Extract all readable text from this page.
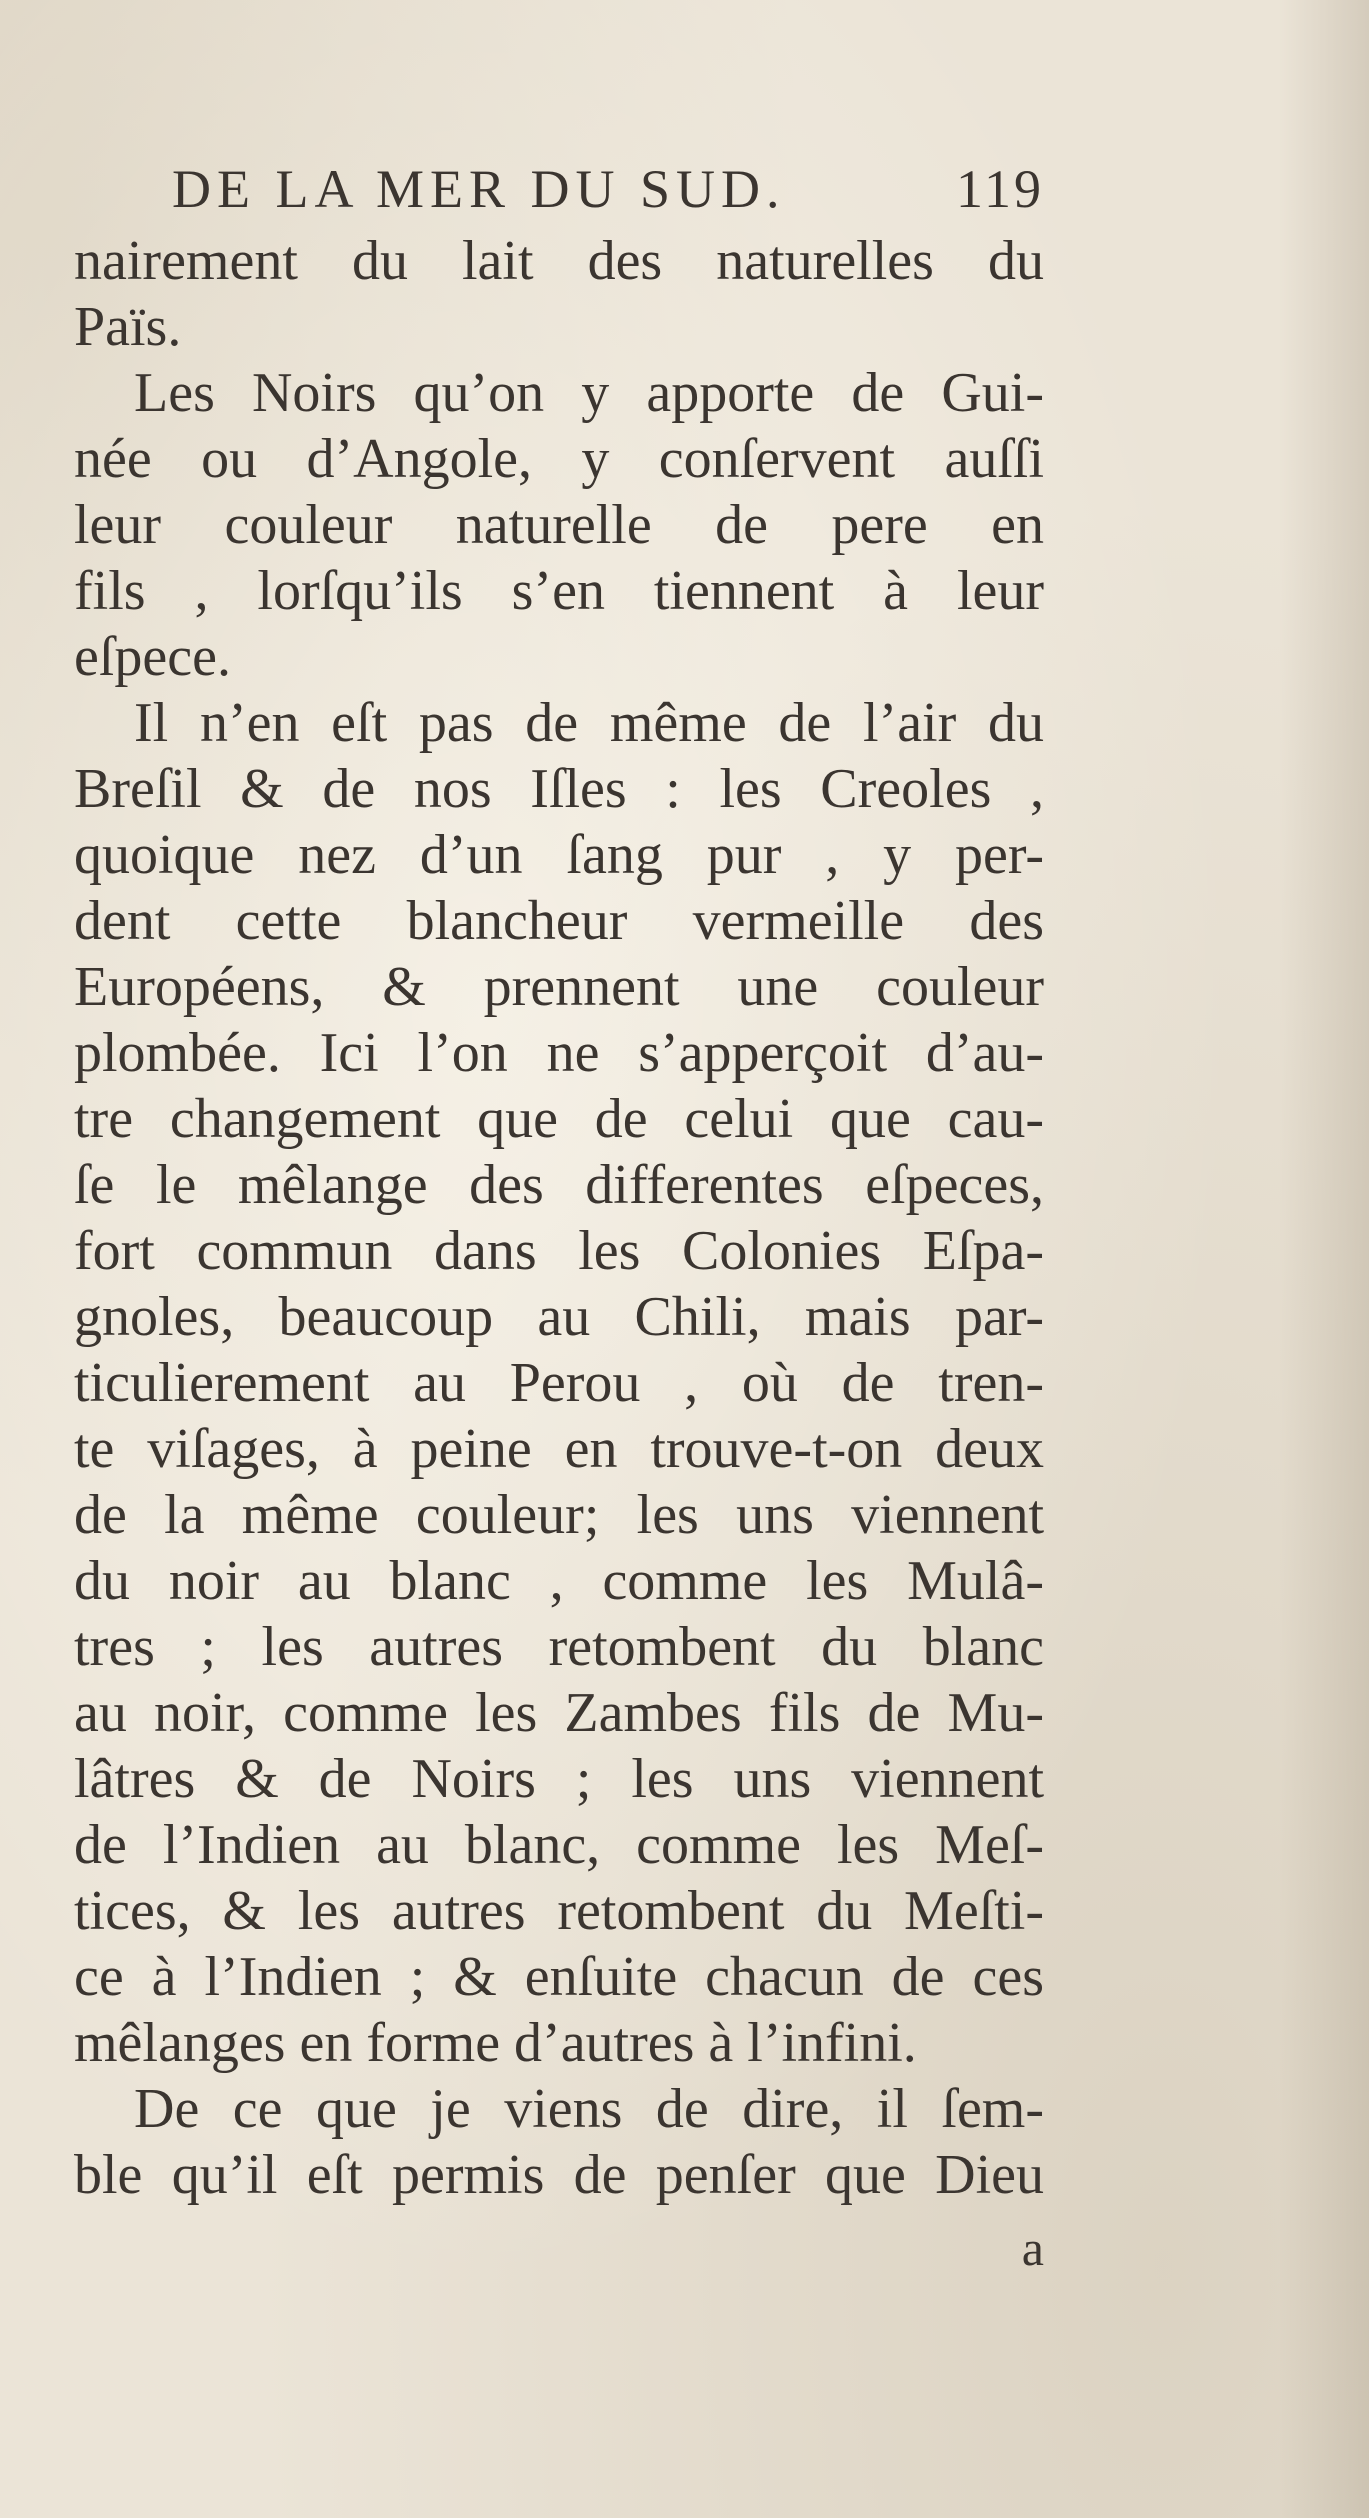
DE LA MER DU SUD.	119
nairement du lait des naturelles du
Païs.
Les Noirs qu’on y apporte de Gui-
née ou d’Angole, y conſervent auſſi
leur couleur naturelle de pere en
fils , lorſqu’ils s’en tiennent à leur
eſpece.
Il n’en eſt pas de même de l’air du
Breſil & de nos Iſles : les Creoles ,
quoique nez d’un ſang pur , y per-
dent cette blancheur vermeille des
Européens, & prennent une couleur
plombée. Ici l’on ne s’apperçoit d’au-
tre changement que de celui que cau-
ſe le mêlange des differentes eſpeces,
fort commun dans les Colonies Eſpa-
gnoles, beaucoup au Chili, mais par-
ticulierement au Perou , où de tren-
te viſages, à peine en trouve-t-on deux
de la même couleur; les uns viennent
du noir au blanc , comme les Mulâ-
tres ; les autres retombent du blanc
au noir, comme les Zambes fils de Mu-
lâtres & de Noirs ; les uns viennent
de l’Indien au blanc, comme les Meſ-
tices, & les autres retombent du Meſti-
ce à l’Indien ; & enſuite chacun de ces
mêlanges en forme d’autres à l’infini.
De ce que je viens de dire, il ſem-
ble qu’il eſt permis de penſer que Dieu
a
